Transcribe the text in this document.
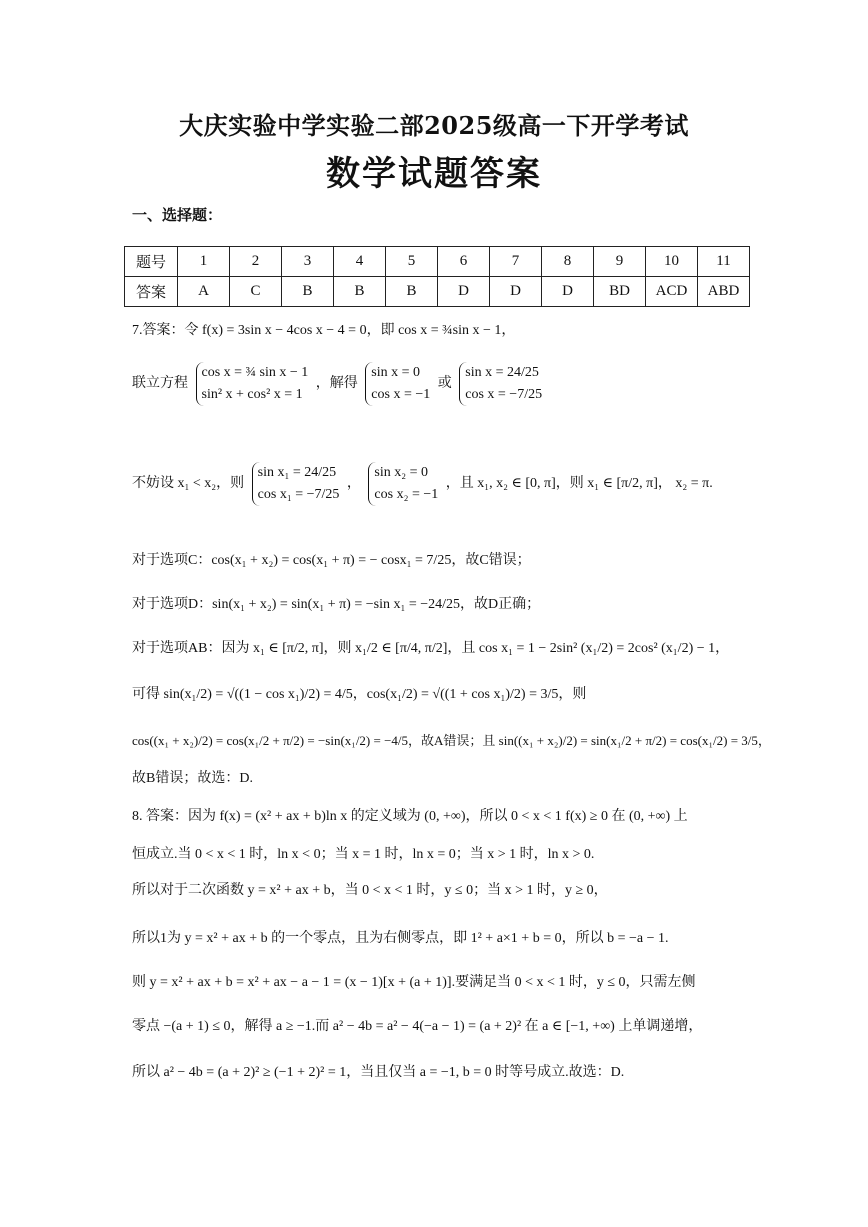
大庆实验中学实验二部2025级高一下开学考试
数学试题答案
一、选择题：
题号	1	2	3	4	5	6	7	8	9	10	11
答案	A	C	B	B	B	D	D	D	BD	ACD	ABD
7.答案：令 f(x) = 3sin x − 4cos x − 4 = 0，即 cos x = ¾sin x − 1，
联立方程
cos x = ¾ sin x − 1
sin² x + cos² x = 1
，解得
sin x = 0
cos x = −1
或
sin x = 24/25
cos x = −7/25
不妨设 x₁ < x₂，则
sin x₁ = 24/25
cos x₁ = −7/25
，
sin x₂ = 0
cos x₂ = −1
，且 x₁, x₂ ∈ [0, π]，则 x₁ ∈ [π/2, π]， x₂ = π.
对于选项C：cos(x₁ + x₂) = cos(x₁ + π) = − cosx₁ = 7/25，故C错误；
对于选项D：sin(x₁ + x₂) = sin(x₁ + π) = −sin x₁ = −24/25，故D正确；
对于选项AB：因为 x₁ ∈ [π/2, π]，则 x₁/2 ∈ [π/4, π/2]，且 cos x₁ = 1 − 2sin² (x₁/2) = 2cos² (x₁/2) − 1，
可得 sin(x₁/2) = √((1 − cos x₁)/2) = 4/5，cos(x₁/2) = √((1 + cos x₁)/2) = 3/5，则
cos((x₁ + x₂)/2) = cos(x₁/2 + π/2) = −sin(x₁/2) = −4/5，故A错误；且 sin((x₁ + x₂)/2) = sin(x₁/2 + π/2) = cos(x₁/2) = 3/5，
故B错误；故选：D.
8. 答案：因为 f(x) = (x² + ax + b)ln x 的定义域为 (0, +∞)，所以 0 < x < 1 f(x) ≥ 0 在 (0, +∞) 上
恒成立.当 0 < x < 1 时，ln x < 0；当 x = 1 时，ln x = 0；当 x > 1 时，ln x > 0.
所以对于二次函数 y = x² + ax + b，当 0 < x < 1 时，y ≤ 0；当 x > 1 时，y ≥ 0，
所以1为 y = x² + ax + b 的一个零点，且为右侧零点，即 1² + a×1 + b = 0，所以 b = −a − 1.
则 y = x² + ax + b = x² + ax − a − 1 = (x − 1)[x + (a + 1)].要满足当 0 < x < 1 时，y ≤ 0，只需左侧
零点 −(a + 1) ≤ 0，解得 a ≥ −1.而 a² − 4b = a² − 4(−a − 1) = (a + 2)² 在 a ∈ [−1, +∞) 上单调递增，
所以 a² − 4b = (a + 2)² ≥ (−1 + 2)² = 1，当且仅当 a = −1, b = 0 时等号成立.故选：D.
